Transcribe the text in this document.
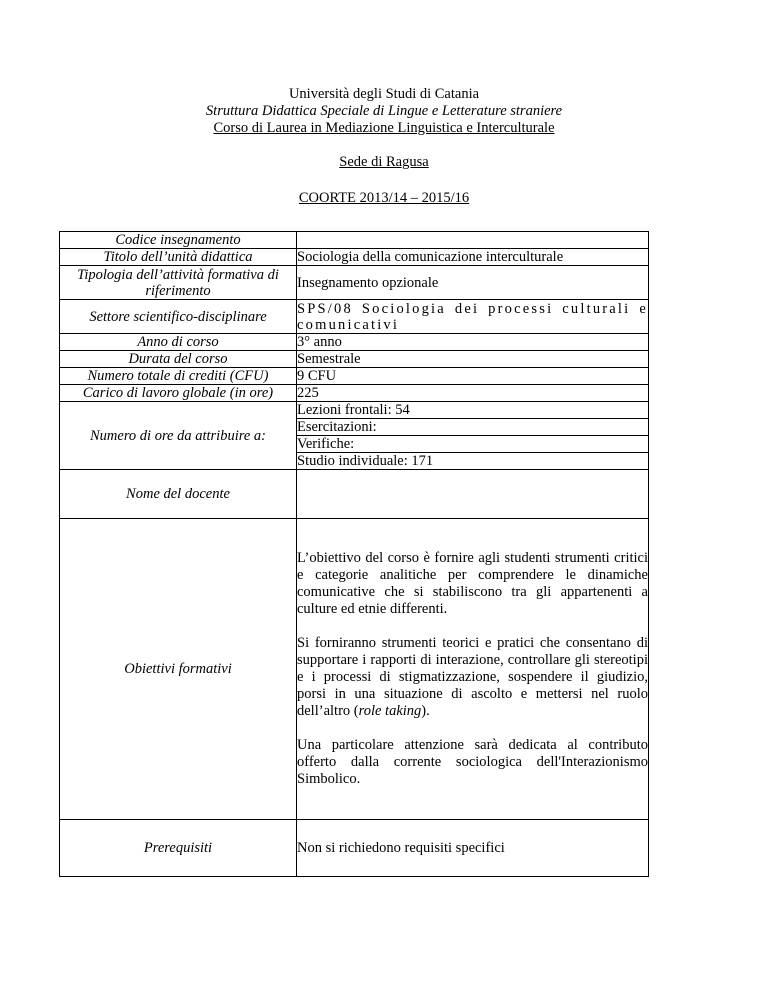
Università degli Studi di Catania
Struttura Didattica Speciale di Lingue e Letterature straniere
Corso di Laurea in Mediazione Linguistica e Interculturale
Sede di Ragusa
COORTE 2013/14 – 2015/16
Codice insegnamento		
Titolo dell’unità didattica	Sociologia della comunicazione interculturale
Tipologia dell’attività formativa di riferimento	Insegnamento opzionale
Settore scientifico-disciplinare		SPS/08 Sociologia dei processi culturali e comunicativi
Anno di corso		3° anno
Durata del corso		Semestrale
Numero totale di crediti (CFU)		9 CFU
Carico di lavoro globale (in ore)		225
Numero di ore da attribuire a:		Lezioni frontali: 54
	Esercitazioni:
	Verifiche:
	Studio individuale: 171
Nome del docente		
Obiettivi formativi		L’obiettivo del corso è fornire agli studenti strumenti critici e categorie analitiche per comprendere le dinamiche comunicative che si stabiliscono tra gli appartenenti a culture ed etnie differenti.

Si forniranno strumenti teorici e pratici che consentano di supportare i rapporti di interazione, controllare gli stereotipi e i processi di stigmatizzazione, sospendere il giudizio, porsi in una situazione di ascolto e mettersi nel ruolo dell’altro (role taking).

Una particolare attenzione sarà dedicata al contributo offerto dalla corrente sociologica dell'Interazionismo Simbolico.

Prerequisiti		Non si richiedono requisiti specifici
